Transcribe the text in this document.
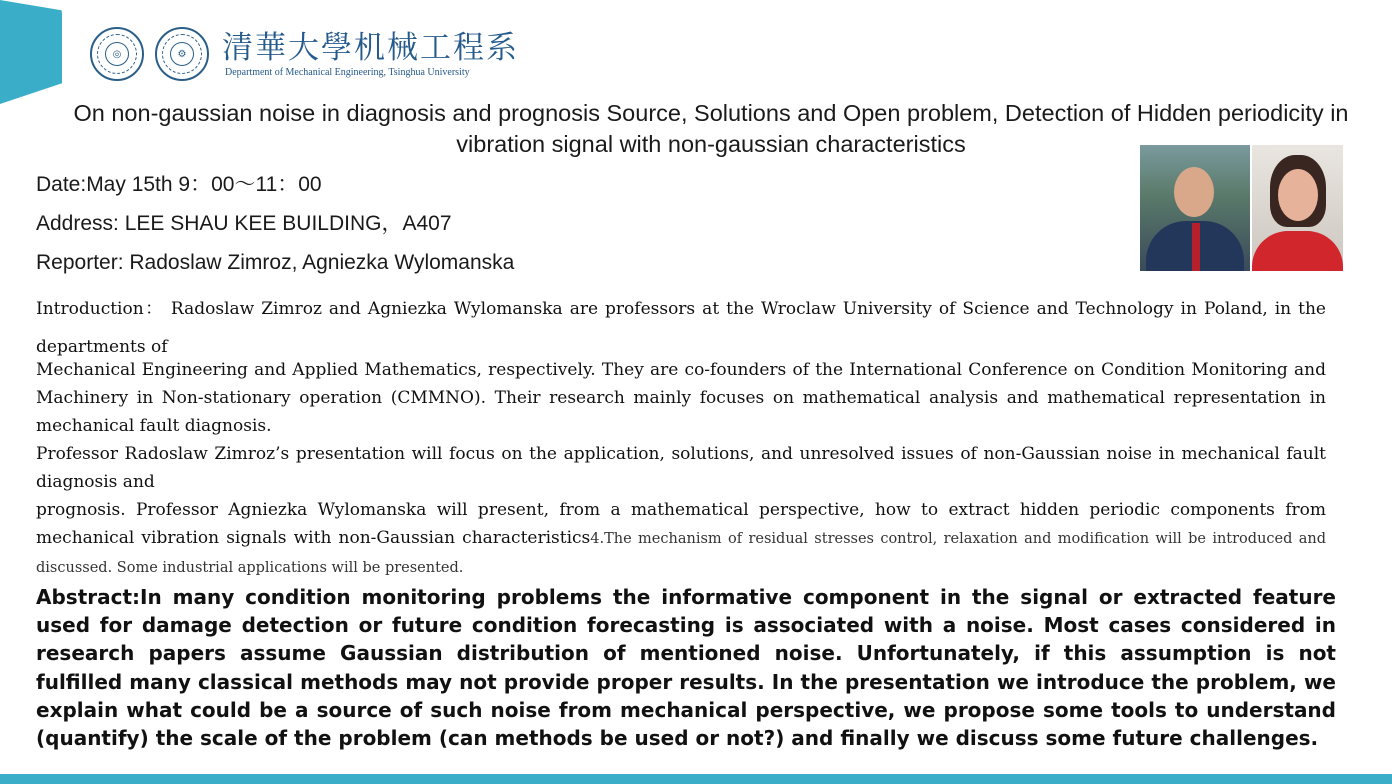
◎	⚙ 清華大學机械工程系
Department of Mechanical Engineering, Tsinghua University
On non-gaussian noise in diagnosis and prognosis Source, Solutions and Open problem, Detection of Hidden periodicity in vibration signal with non-gaussian characteristics
Date:May 15th 9：00～11：00
Address: LEE SHAU KEE BUILDING，A407
Reporter: Radoslaw Zimroz, Agniezka Wylomanska
Introduction： Radoslaw Zimroz and Agniezka Wylomanska are professors at the Wroclaw University of Science and Technology in Poland, in the departments of
Mechanical Engineering and Applied Mathematics, respectively. They are co-founders of the International Conference on Condition Monitoring and Machinery in Non-stationary operation (CMMNO). Their research mainly focuses on mathematical analysis and mathematical representation in mechanical fault diagnosis.
Professor Radoslaw Zimroz’s presentation will focus on the application, solutions, and unresolved issues of non-Gaussian noise in mechanical fault diagnosis and
prognosis. Professor Agniezka Wylomanska will present, from a mathematical perspective, how to extract hidden periodic components from mechanical vibration signals with non-Gaussian characteristics4.The mechanism of residual stresses control, relaxation and modification will be introduced and discussed. Some industrial applications will be presented.
Abstract:In many condition monitoring problems the informative component in the signal or extracted feature used for damage detection or future condition forecasting is associated with a noise. Most cases considered in research papers assume Gaussian distribution of mentioned noise. Unfortunately, if this assumption is not fulfilled many classical methods may not provide proper results. In the presentation we introduce the problem, we explain what could be a source of such noise from mechanical perspective, we propose some tools to understand (quantify) the scale of the problem (can methods be used or not?) and finally we discuss some future challenges.
